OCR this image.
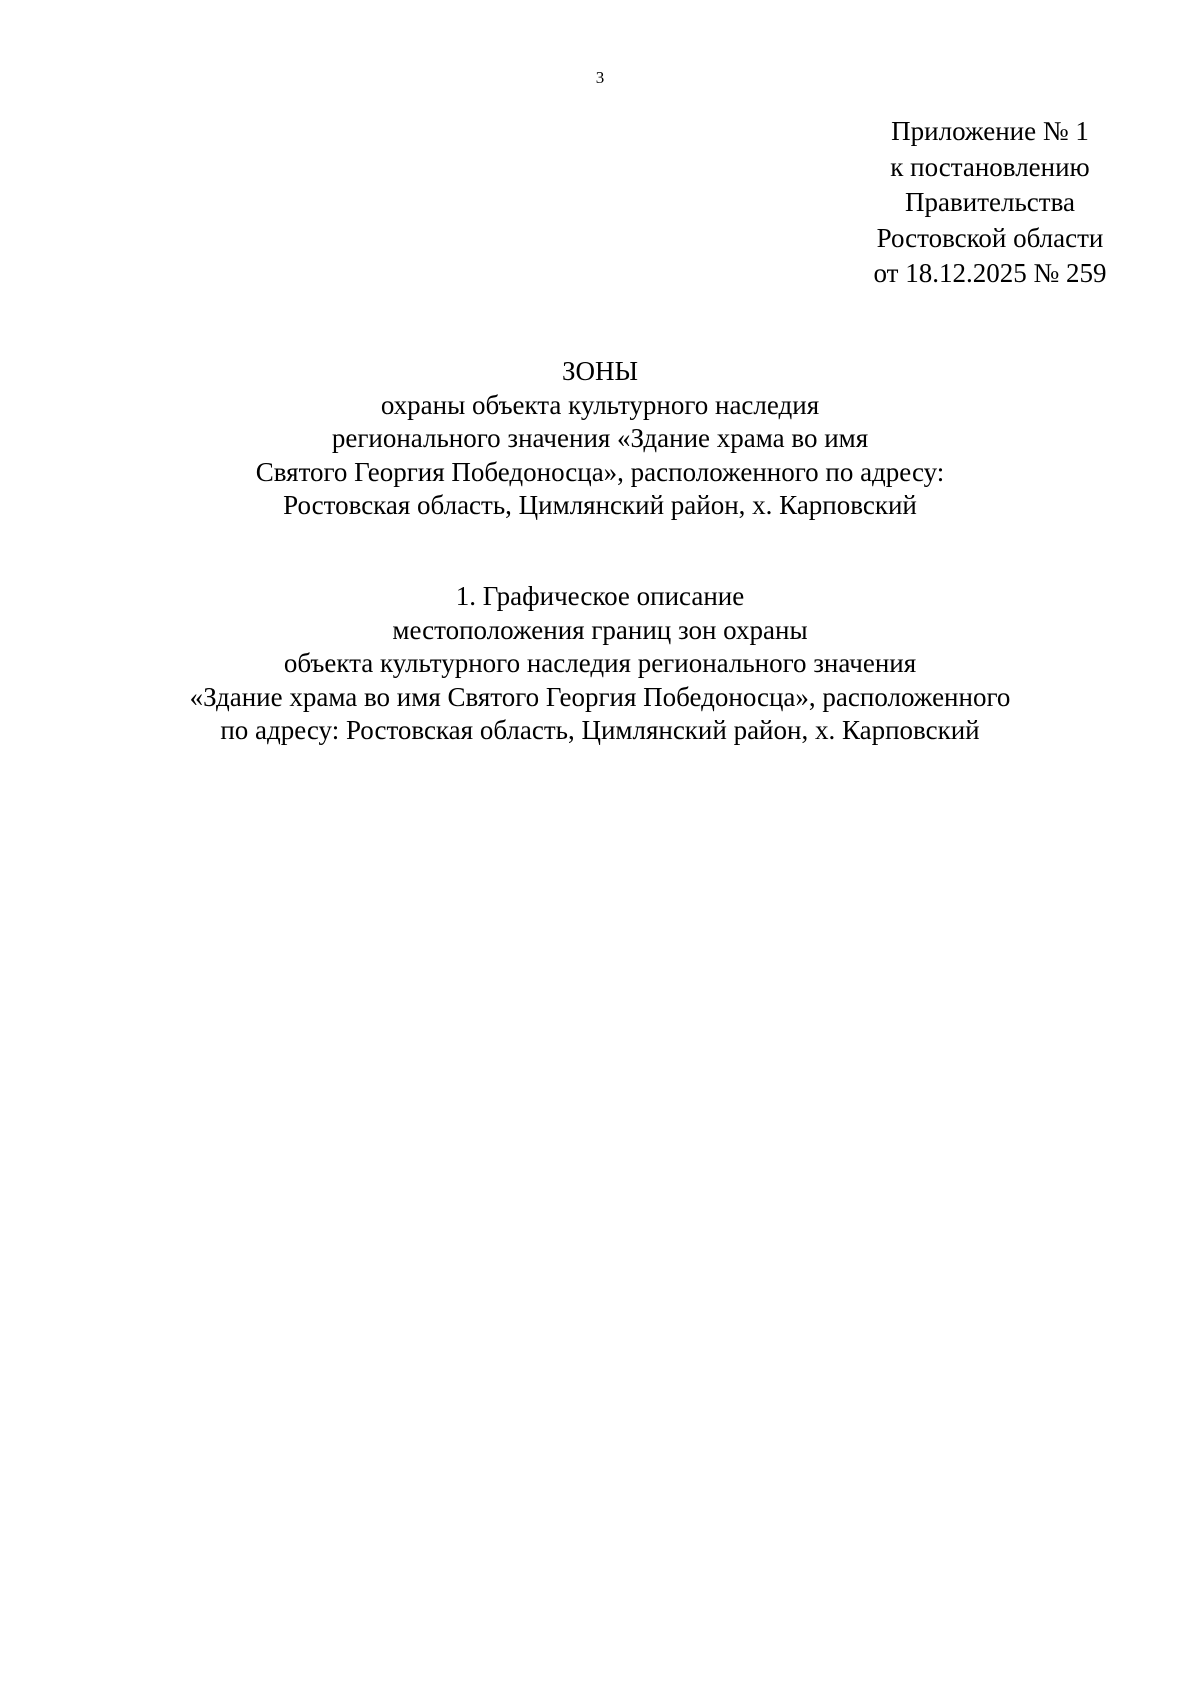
3
Приложение № 1
к постановлению
Правительства
Ростовской области
от 18.12.2025 № 259
ЗОНЫ
охраны объекта культурного наследия
регионального значения «Здание храма во имя
Святого Георгия Победоносца», расположенного по адресу:
Ростовская область, Цимлянский район, х. Карповский
1. Графическое описание
местоположения границ зон охраны
объекта культурного наследия регионального значения
«Здание храма во имя Святого Георгия Победоносца», расположенного
по адресу: Ростовская область, Цимлянский район, х. Карповский
